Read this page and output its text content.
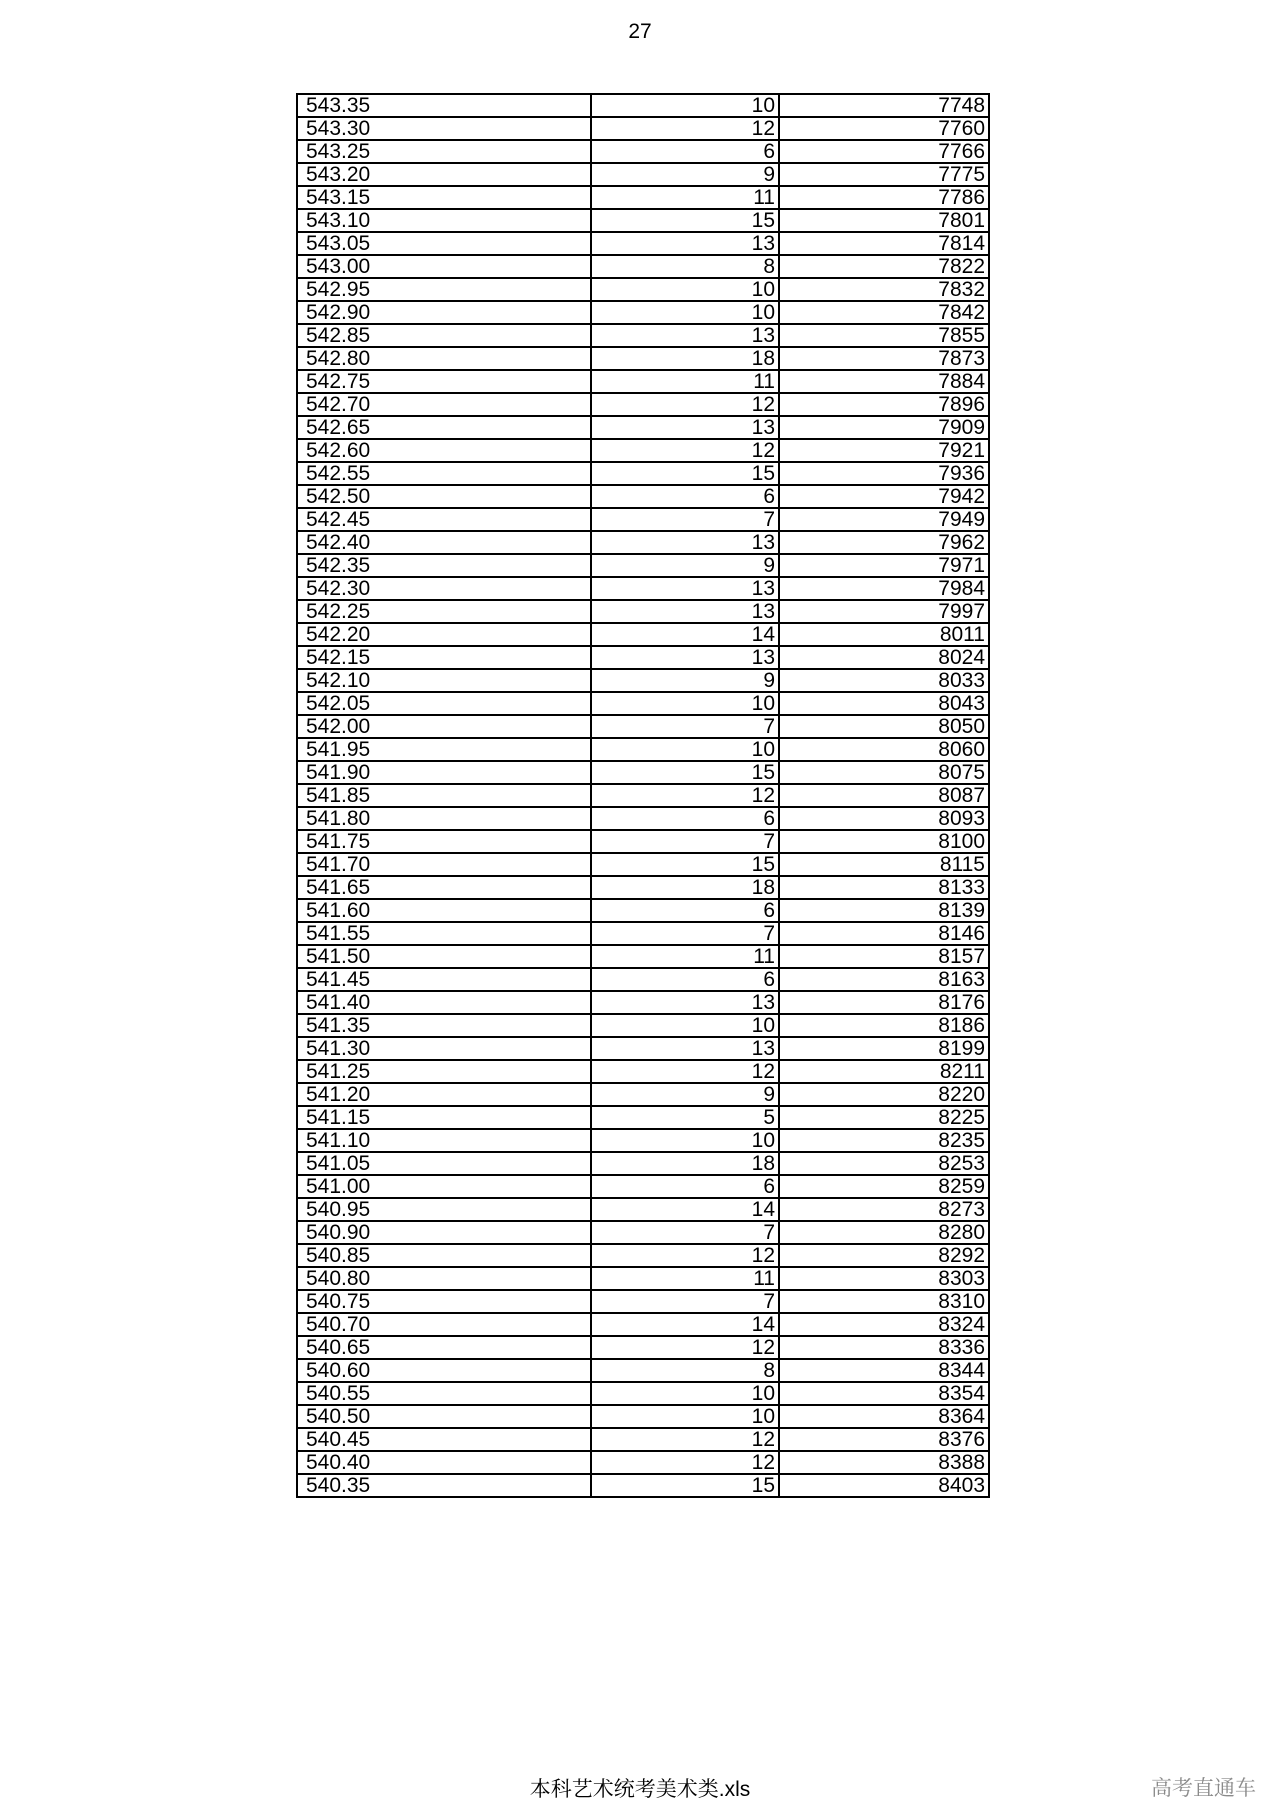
27
543.35	10	7748
543.30	12	7760
543.25	6	7766
543.20	9	7775
543.15	11	7786
543.10	15	7801
543.05	13	7814
543.00	8	7822
542.95	10	7832
542.90	10	7842
542.85	13	7855
542.80	18	7873
542.75	11	7884
542.70	12	7896
542.65	13	7909
542.60	12	7921
542.55	15	7936
542.50	6	7942
542.45	7	7949
542.40	13	7962
542.35	9	7971
542.30	13	7984
542.25	13	7997
542.20	14	8011
542.15	13	8024
542.10	9	8033
542.05	10	8043
542.00	7	8050
541.95	10	8060
541.90	15	8075
541.85	12	8087
541.80	6	8093
541.75	7	8100
541.70	15	8115
541.65	18	8133
541.60	6	8139
541.55	7	8146
541.50	11	8157
541.45	6	8163
541.40	13	8176
541.35	10	8186
541.30	13	8199
541.25	12	8211
541.20	9	8220
541.15	5	8225
541.10	10	8235
541.05	18	8253
541.00	6	8259
540.95	14	8273
540.90	7	8280
540.85	12	8292
540.80	11	8303
540.75	7	8310
540.70	14	8324
540.65	12	8336
540.60	8	8344
540.55	10	8354
540.50	10	8364
540.45	12	8376
540.40	12	8388
540.35	15	8403
本科艺术统考美术类.xls	高考直通车
